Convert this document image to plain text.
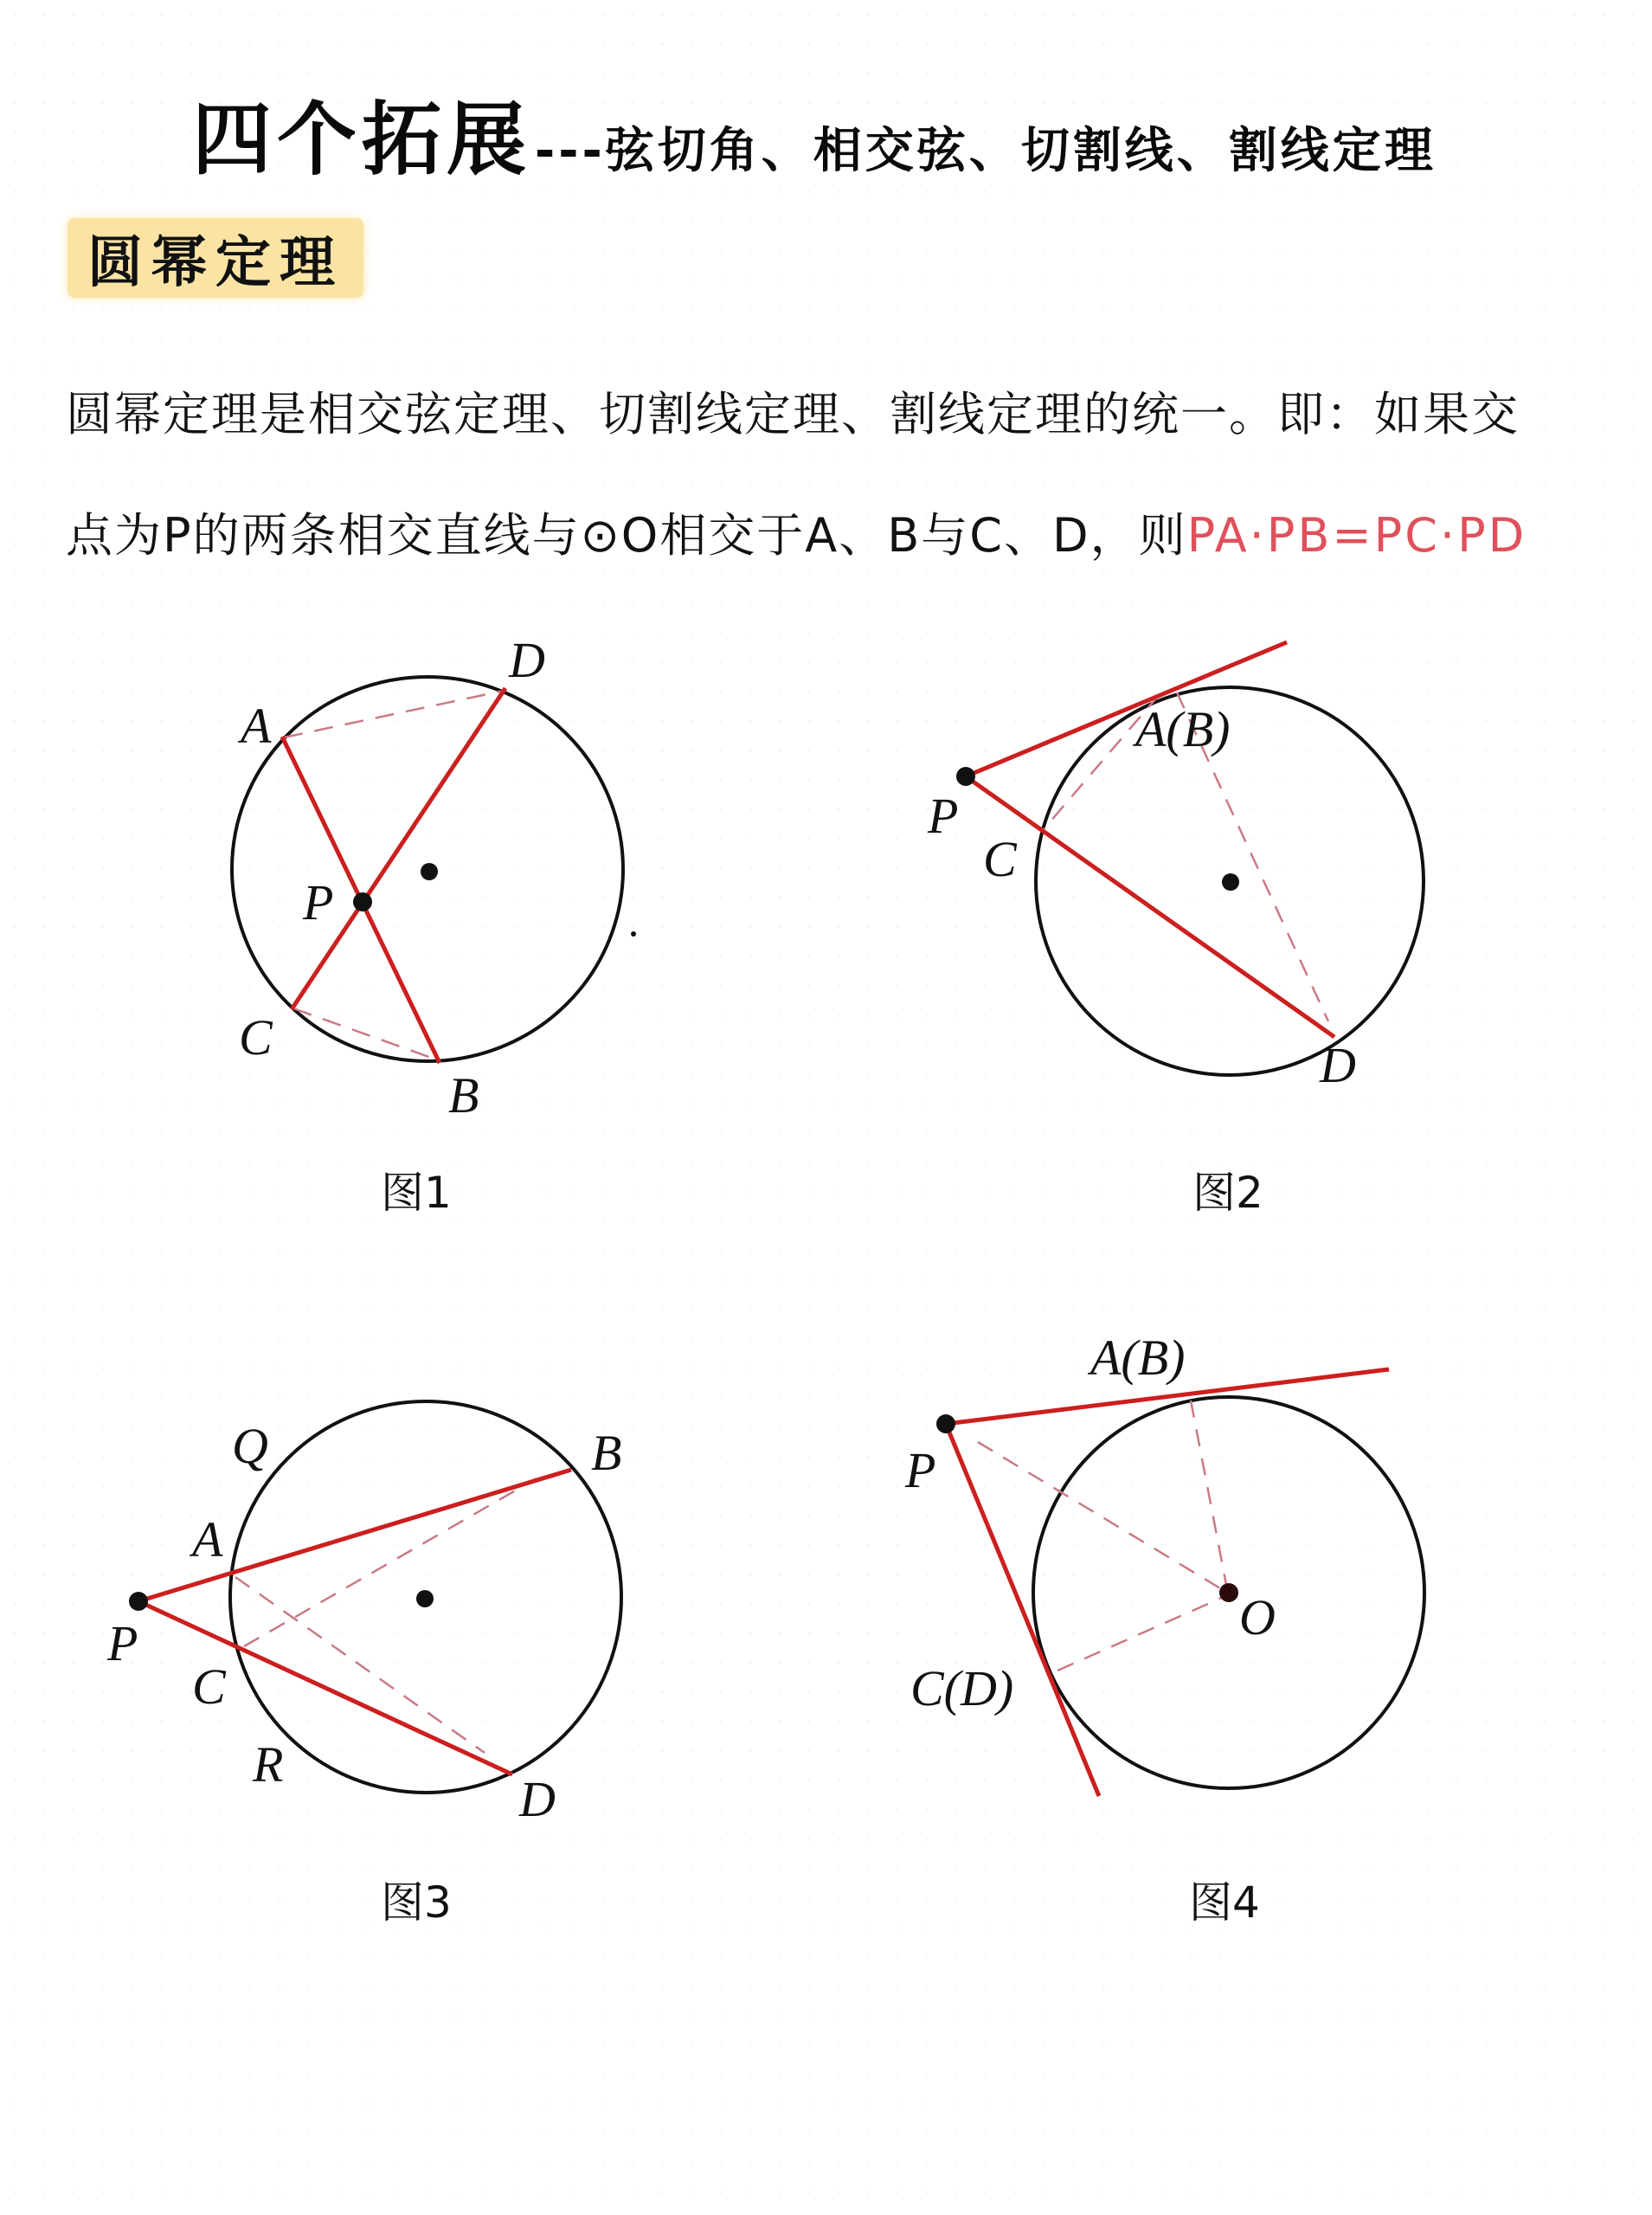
四个拓展 ---弦切角、相交弦、切割线、割线定理
圆幂定理
圆幂定理是相交弦定理、切割线定理、割线定理的统一。即：如果交
点为P的两条相交直线与⊙O相交于A、B与C、D，则PA·PB=PC·PD
A
D
P
C
B
A(B)
P
C
D
Q	B
A
P
C
R
D
A(B)
P
O
C(D)
图1	图2
图3	图4
